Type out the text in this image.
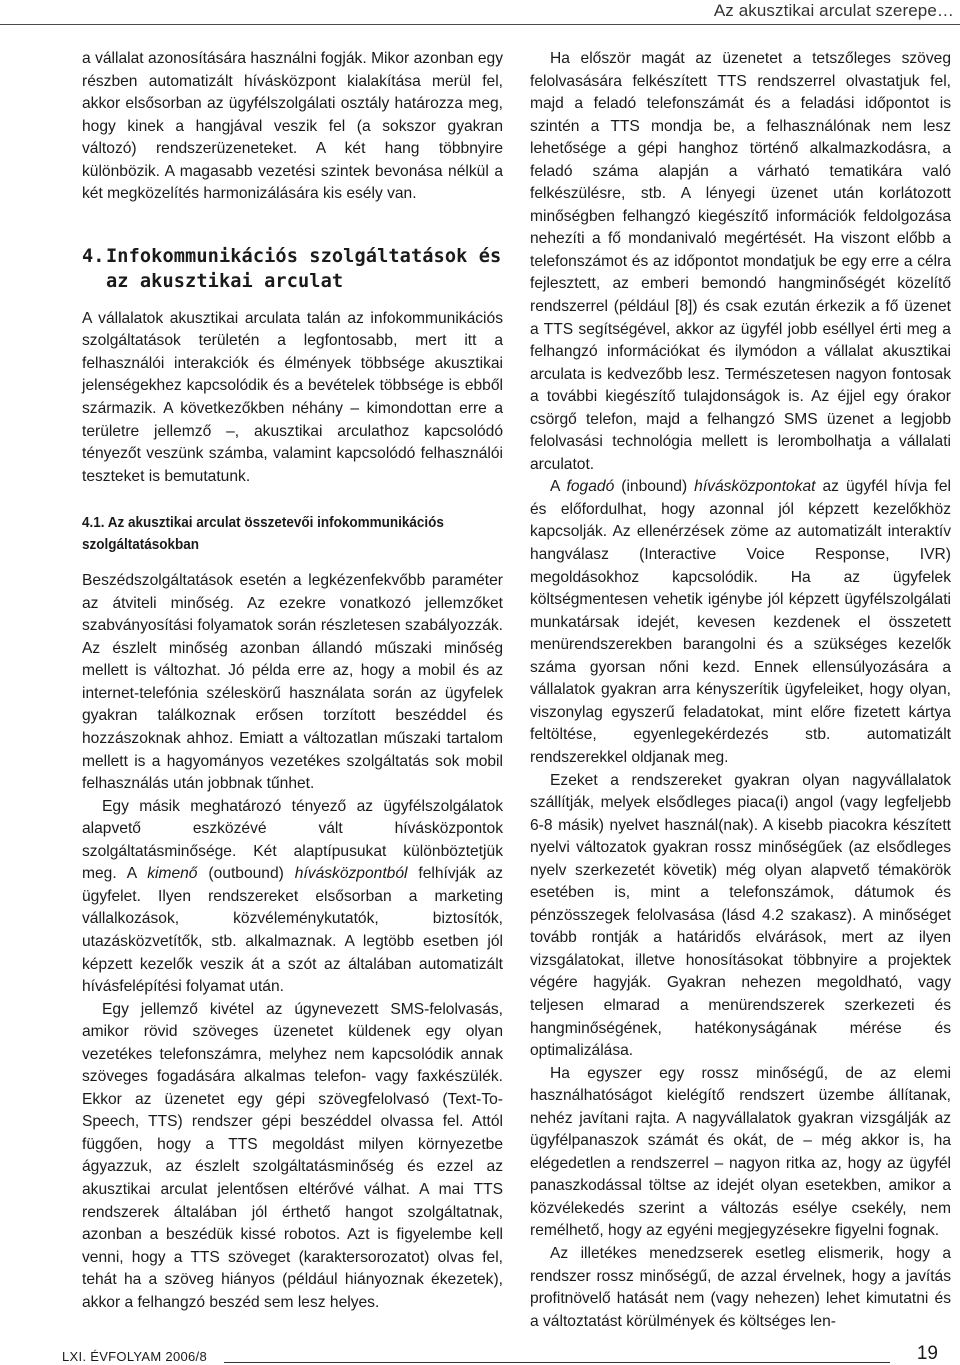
Az akusztikai arculat szerepe…

a vállalat azonosítására használni fogják. Mikor azonban egy részben automatizált hívásközpont kialakítása merül fel, akkor elsősorban az ügyfélszolgálati osztály határozza meg, hogy kinek a hangjával veszik fel (a sokszor gyakran változó) rendszerüzeneteket. A két hang többnyire különbözik. A magasabb vezetési szintek bevonása nélkül a két megközelítés harmonizálására kis esély van.

4.Infokommunikációs szolgáltatások és az akusztikai arculat

A vállalatok akusztikai arculata talán az infokommunikációs szolgáltatások területén a legfontosabb, mert itt a felhasználói interakciók és élmények többsége akusztikai jelenségekhez kapcsolódik és a bevételek többsége is ebből származik. A következőkben néhány – kimondottan erre a területre jellemző –, akusztikai arculathoz kapcsolódó tényezőt veszünk számba, valamint kapcsolódó felhasználói teszteket is bemutatunk.

4.1. Az akusztikai arculat összetevői infokommunikációs szolgáltatásokban

Beszédszolgáltatások esetén a legkézenfekvőbb paraméter az átviteli minőség. Az ezekre vonatkozó jellemzőket szabványosítási folyamatok során részletesen szabályozzák. Az észlelt minőség azonban állandó műszaki minőség mellett is változhat. Jó példa erre az, hogy a mobil és az internet-telefónia széleskörű használata során az ügyfelek gyakran találkoznak erősen torzított beszéddel és hozzászoknak ahhoz. Emiatt a változatlan műszaki tartalom mellett is a hagyományos vezetékes szolgáltatás sok mobil felhasználás után jobbnak tűnhet.

Egy másik meghatározó tényező az ügyfélszolgálatok alapvető eszközévé vált hívásközpontok szolgáltatásminősége. Két alaptípusukat különböztetjük meg. A kimenő (outbound) hívásközpontból felhívják az ügyfelet. Ilyen rendszereket elsősorban a marketing vállalkozások, közvéleménykutatók, biztosítók, utazásközvetítők, stb. alkalmaznak. A legtöbb esetben jól képzett kezelők veszik át a szót az általában automatizált hívásfelépítési folyamat után.

Egy jellemző kivétel az úgynevezett SMS-felolvasás, amikor rövid szöveges üzenetet küldenek egy olyan vezetékes telefonszámra, melyhez nem kapcsolódik annak szöveges fogadására alkalmas telefon- vagy faxkészülék. Ekkor az üzenetet egy gépi szövegfelolvasó (Text-To-Speech, TTS) rendszer gépi beszéddel olvassa fel. Attól függően, hogy a TTS megoldást milyen környezetbe ágyazzuk, az észlelt szolgáltatásminőség és ezzel az akusztikai arculat jelentősen eltérővé válhat. A mai TTS rendszerek általában jól érthető hangot szolgáltatnak, azonban a beszédük kissé robotos. Azt is figyelembe kell venni, hogy a TTS szöveget (karaktersorozatot) olvas fel, tehát ha a szöveg hiányos (például hiányoznak ékezetek), akkor a felhangzó beszéd sem lesz helyes.

Ha először magát az üzenetet a tetszőleges szöveg felolvasására felkészített TTS rendszerrel olvastatjuk fel, majd a feladó telefonszámát és a feladási időpontot is szintén a TTS mondja be, a felhasználónak nem lesz lehetősége a gépi hanghoz történő alkalmazkodásra, a feladó száma alapján a várható tematikára való felkészülésre, stb. A lényegi üzenet után korlátozott minőségben felhangzó kiegészítő információk feldolgozása nehezíti a fő mondanivaló megértését. Ha viszont előbb a telefonszámot és az időpontot mondatjuk be egy erre a célra fejlesztett, az emberi bemondó hangminőségét közelítő rendszerrel (például [8]) és csak ezután érkezik a fő üzenet a TTS segítségével, akkor az ügyfél jobb eséllyel érti meg a felhangzó információkat és ilymódon a vállalat akusztikai arculata is kedvezőbb lesz. Természetesen nagyon fontosak a további kiegészítő tulajdonságok is. Az éjjel egy órakor csörgő telefon, majd a felhangzó SMS üzenet a legjobb felolvasási technológia mellett is lerombolhatja a vállalati arculatot.

A fogadó (inbound) hívásközpontokat az ügyfél hívja fel és előfordulhat, hogy azonnal jól képzett kezelőkhöz kapcsolják. Az ellenérzések zöme az automatizált interaktív hangválasz (Interactive Voice Response, IVR) megoldásokhoz kapcsolódik. Ha az ügyfelek költségmentesen vehetik igénybe jól képzett ügyfélszolgálati munkatársak idejét, kevesen kezdenek el összetett menürendszerekben barangolni és a szükséges kezelők száma gyorsan nőni kezd. Ennek ellensúlyozására a vállalatok gyakran arra kényszerítik ügyfeleiket, hogy olyan, viszonylag egyszerű feladatokat, mint előre fizetett kártya feltöltése, egyenlegekérdezés stb. automatizált rendszerekkel oldjanak meg.

Ezeket a rendszereket gyakran olyan nagyvállalatok szállítják, melyek elsődleges piaca(i) angol (vagy legfeljebb 6-8 másik) nyelvet használ(nak). A kisebb piacokra készített nyelvi változatok gyakran rossz minőségűek (az elsődleges nyelv szerkezetét követik) még olyan alapvető témakörök esetében is, mint a telefonszámok, dátumok és pénzösszegek felolvasása (lásd 4.2 szakasz). A minőséget tovább rontják a határidős elvárások, mert az ilyen vizsgálatokat, illetve honosításokat többnyire a projektek végére hagyják. Gyakran nehezen megoldható, vagy teljesen elmarad a menürendszerek szerkezeti és hangminőségének, hatékonyságának mérése és optimalizálása.

Ha egyszer egy rossz minőségű, de az elemi használhatóságot kielégítő rendszert üzembe állítanak, nehéz javítani rajta. A nagyvállalatok gyakran vizsgálják az ügyfélpanaszok számát és okát, de – még akkor is, ha elégedetlen a rendszerrel – nagyon ritka az, hogy az ügyfél panaszkodással töltse az idejét olyan esetekben, amikor a közvélekedés szerint a változás esélye csekély, nem remélhető, hogy az egyéni megjegyzésekre figyelni fognak.

Az illetékes menedzserek esetleg elismerik, hogy a rendszer rossz minőségű, de azzal érvelnek, hogy a javítás profitnövelő hatását nem (vagy nehezen) lehet kimutatni és a változtatást körülmények és költséges len-

LXI. ÉVFOLYAM 2006/8	19
